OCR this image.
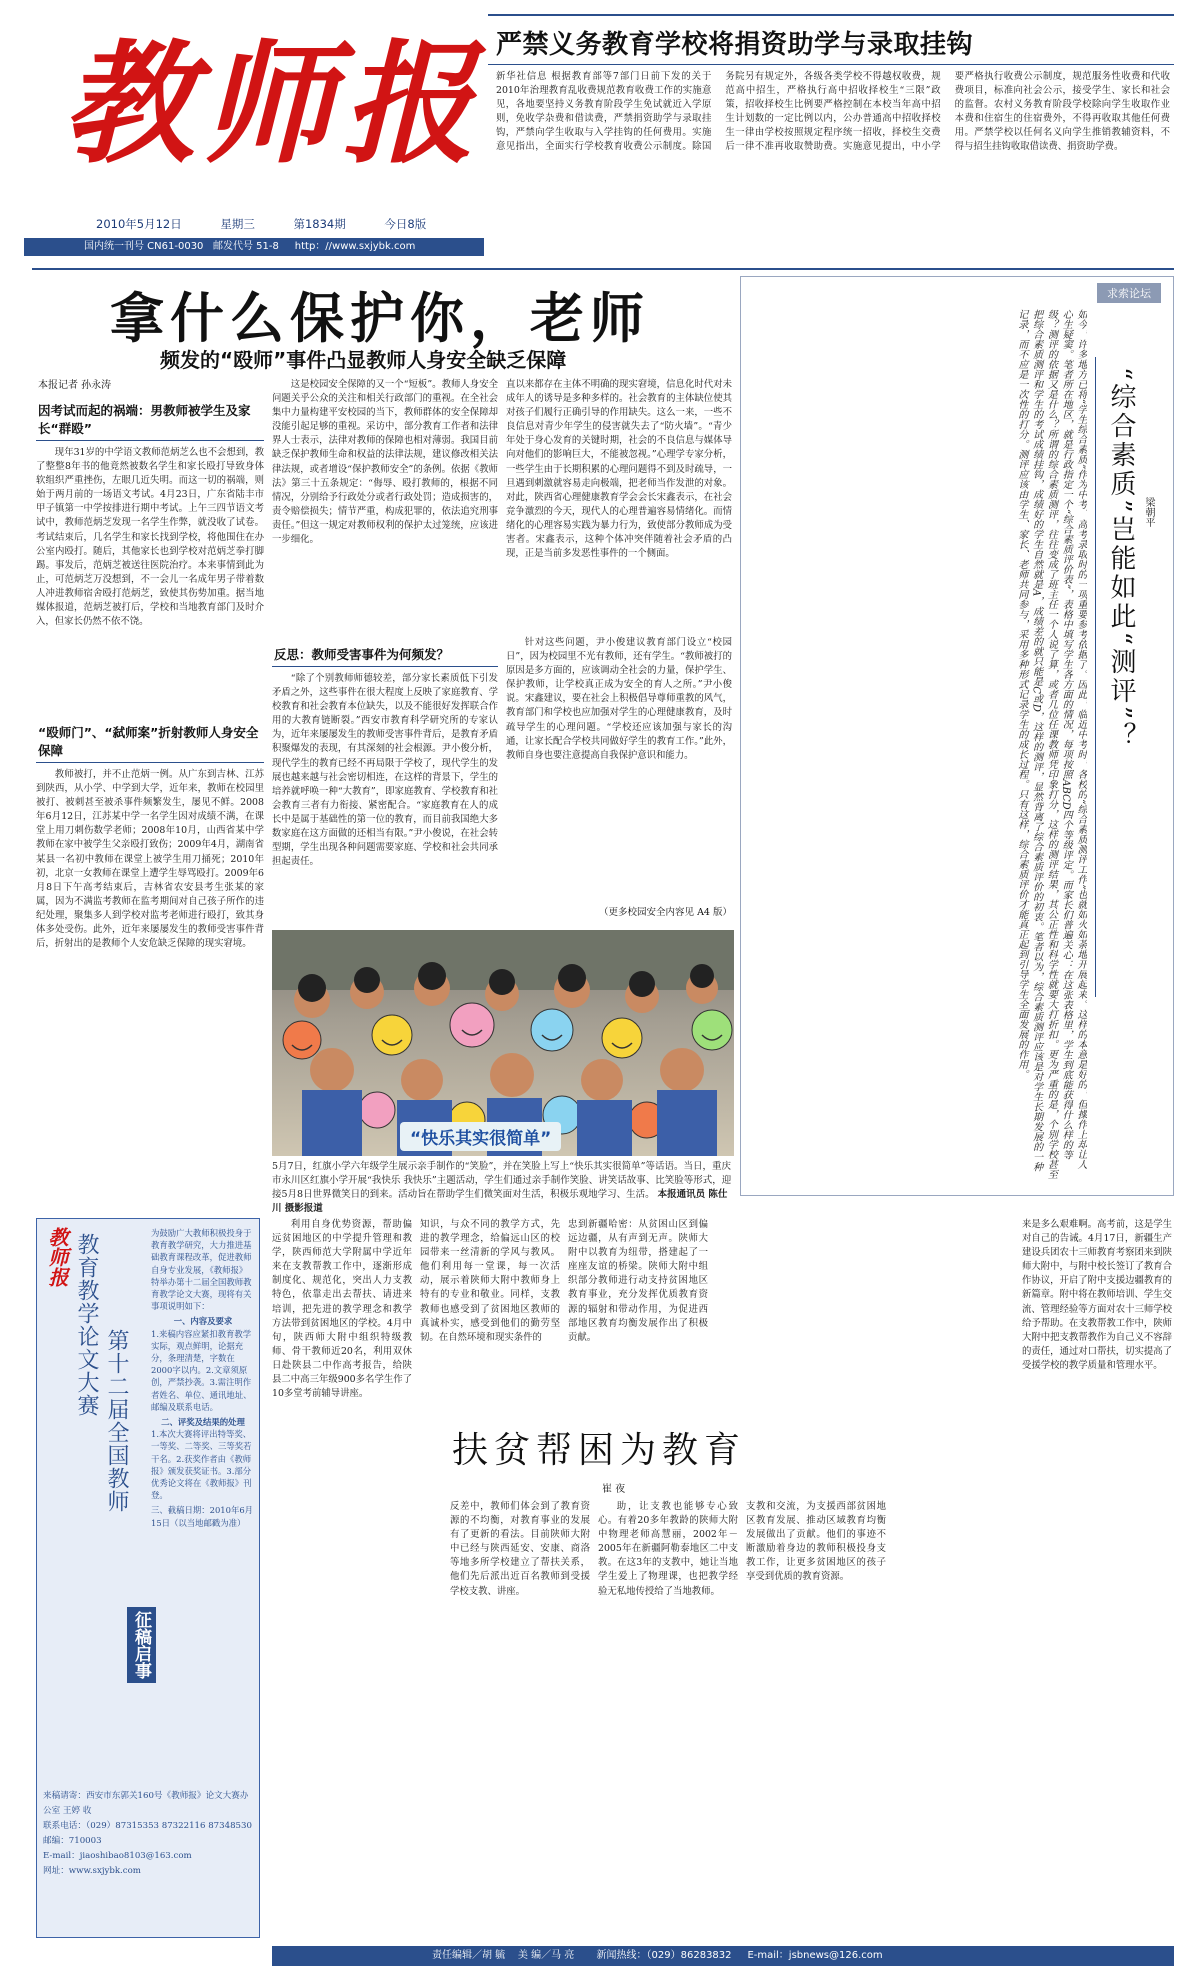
教师报
2010年5月12日	星期三	第1834期	今日8版
国内统一刊号 CN61-0030 邮发代号 51-8 http：//www.sxjybk.com
严禁义务教育学校将捐资助学与录取挂钩
新华社信息 根据教育部等7部门日前下发的关于2010年治理教育乱收费规范教育收费工作的实施意见，各地要坚持义务教育阶段学生免试就近入学原则，免收学杂费和借读费，严禁捐资助学与录取挂钩，严禁向学生收取与入学挂钩的任何费用。实施意见指出，全面实行学校教育收费公示制度。除国务院另有规定外，各级各类学校不得越权收费，规范高中招生，严格执行高中招收择校生“三限”政策，招收择校生比例要严格控制在本校当年高中招生计划数的一定比例以内，公办普通高中招收择校生一律由学校按照规定程序统一招收，择校生交费后一律不准再收取赞助费。实施意见提出，中小学要严格执行收费公示制度，规范服务性收费和代收费项目，标准向社会公示，接受学生、家长和社会的监督。农村义务教育阶段学校除向学生收取作业本费和住宿生的住宿费外，不得再收取其他任何费用。严禁学校以任何名义向学生推销教辅资料，不得与招生挂钩收取借读费、捐资助学费。
拿什么保护你，老师
频发的“殴师”事件凸显教师人身安全缺乏保障
本报记者 孙永涛
因考试而起的祸端：男教师被学生及家长“群殴”
现年31岁的中学语文教师范炳芝么也不会想到，教了整整8年书的他竟然被数名学生和家长殴打导致身体软组织严重挫伤，左眼几近失明。而这一切的祸端，则始于两月前的一场语文考试。4月23日，广东省陆丰市甲子镇第一中学按排进行期中考试。上午三四节语文考试中，教师范炳芝发现一名学生作弊，就没收了试卷。考试结束后，几名学生和家长找到学校，将他围住在办公室内殴打。随后，其他家长也到学校对范炳芝拳打脚踢。事发后，范炳芝被送往医院治疗。本来事情到此为止，可范炳芝万没想到，不一会儿一名成年男子带着数人冲进教师宿舍殴打范炳芝，致使其伤势加重。据当地媒体报道，范炳芝被打后，学校和当地教育部门及时介入，但家长仍然不依不饶。
“殴师门”、“弑师案”折射教师人身安全保障
教师被打，并不止范炳一例。从广东到吉林、江苏到陕西，从小学、中学到大学，近年来，教师在校园里被打、被刺甚至被杀事件频繁发生，屡见不鲜。2008年6月12日，江苏某中学一名学生因对成绩不满，在课堂上用刀刺伤数学老师；2008年10月，山西省某中学教师在家中被学生父亲殴打致伤；2009年4月，湖南省某县一名初中教师在课堂上被学生用刀捅死；2010年初，北京一女教师在课堂上遭学生辱骂殴打。2009年6月8日下午高考结束后，吉林省农安县考生张某的家属，因为不满监考教师在监考期间对自己孩子所作的违纪处理，聚集多人到学校对监考老师进行殴打，致其身体多处受伤。此外，近年来屡屡发生的教师受害事件背后，折射出的是教师个人安危缺乏保障的现实窘境。
这是校园安全保障的又一个“短板”。教师人身安全问题关乎公众的关注和相关行政部门的重视。在全社会集中力量构建平安校园的当下，教师群体的安全保障却没能引起足够的重视。采访中，部分教育工作者和法律界人士表示，法律对教师的保障也相对薄弱。我国目前缺乏保护教师生命和权益的法律法规，建议修改相关法律法规，或者增设“保护教师安全”的条例。依据《教师法》第三十五条规定：“侮辱、殴打教师的，根据不同情况，分别给予行政处分或者行政处罚；造成损害的，责令赔偿损失；情节严重，构成犯罪的，依法追究刑事责任。”但这一规定对教师权利的保护太过笼统，应该进一步细化。
反思：教师受害事件为何频发？
“除了个别教师师德较差，部分家长素质低下引发矛盾之外，这些事件在很大程度上反映了家庭教育、学校教育和社会教育本位缺失，以及不能很好发挥联合作用的大教育链断裂。”西安市教育科学研究所的专家认为，近年来屡屡发生的教师受害事件背后，是教育矛盾积聚爆发的表现，有其深刻的社会根源。尹小俊分析，现代学生的教育已经不再局限于学校了，现代学生的发展也越来越与社会密切相连，在这样的背景下，学生的培养就呼唤一种“大教育”，即家庭教育、学校教育和社会教育三者有力衔接、紧密配合。“家庭教育在人的成长中是属于基础性的第一位的教育，而目前我国绝大多数家庭在这方面做的还相当有限。”尹小俊说，在社会转型期，学生出现各种问题需要家庭、学校和社会共同承担起责任。
直以来都存在主体不明确的现实窘境，信息化时代对未成年人的诱导是多种多样的。社会教育的主体缺位使其对孩子们履行正确引导的作用缺失。这么一来，一些不良信息对青少年学生的侵害就失去了“防火墙”。“青少年处于身心发育的关键时期，社会的不良信息与媒体导向对他们的影响巨大，不能被忽视。”心理学专家分析，一些学生由于长期积累的心理问题得不到及时疏导，一旦遇到刺激就容易走向极端，把老师当作发泄的对象。对此，陕西省心理健康教育学会会长宋鑫表示，在社会竞争激烈的今天，现代人的心理普遍容易情绪化。而情绪化的心理容易实践为暴力行为，致使部分教师成为受害者。宋鑫表示，这种个体冲突伴随着社会矛盾的凸现，正是当前多发恶性事件的一个侧面。
针对这些问题，尹小俊建议教育部门设立“校园日”，因为校园里不光有教师，还有学生。“教师被打的原因是多方面的，应该调动全社会的力量，保护学生、保护教师，让学校真正成为安全的育人之所。”尹小俊说。宋鑫建议，要在社会上积极倡导尊师重教的风气，教育部门和学校也应加强对学生的心理健康教育，及时疏导学生的心理问题。“学校还应该加强与家长的沟通，让家长配合学校共同做好学生的教育工作。”此外，教师自身也要注意提高自我保护意识和能力。
（更多校园安全内容见 A4 版）
“快乐其实很简单”
5月7日，红旗小学六年级学生展示亲手制作的“笑脸”，并在笑脸上写上“快乐其实很简单”等话语。当日，重庆市永川区红旗小学开展“我快乐 我快乐”主题活动，学生们通过亲手制作笑脸、讲笑话故事、比笑脸等形式，迎接5月8日世界微笑日的到来。活动旨在帮助学生们微笑面对生活，积极乐观地学习、生活。 本报通讯员 陈仕川 摄影报道
求索论坛
如今，许多地方已将“学生综合素质”作为中考、高考录取时的一项重要参考依据了。因此，临近中考时，各校的“综合素质测评工作”也就如火如荼地开展起来。这样的本意是好的，但操作上却让人心生疑窦。笔者所在地区，就是行政指定一个“综合素质评价表”，表格中填写学生各方面的情况，每项按照ABCD四个等级评定。而家长们普遍关心：在这张表格里，学生到底能获得什么样的等级？测评的依据又是什么？所谓的综合素质测评，往往变成了班主任一个人说了算，或者几位任课教师凭印象打分，这样的测评结果，其公正性和科学性就要大打折扣。更为严重的是，个别学校甚至把综合素质测评和学生的考试成绩挂钩，成绩好的学生自然就是A，成绩差的就只能是C或D，这样的测评，显然背离了综合素质评价的初衷。笔者以为，综合素质测评应该是对学生长期发展的一种记录，而不应是一次性的打分。测评应该由学生、家长、老师共同参与，采用多种形式记录学生的成长过程。只有这样，综合素质评价才能真正起到引导学生全面发展的作用。	“综合素质”岂能如此“测评”？ 梁朝平
教师报 教育教学论文大赛
第十二届全国教师
征稿启事
为鼓励广大教师积极投身于教育教学研究，大力推进基础教育课程改革，促进教师自身专业发展，《教师报》特举办第十二届全国教师教育教学论文大赛，现将有关事项说明如下：
一、内容及要求
1.来稿内容应紧扣教育教学实际，观点鲜明，论据充分，条理清楚，字数在2000字以内。2.文章须原创，严禁抄袭。3.需注明作者姓名、单位、通讯地址、邮编及联系电话。
二、评奖及结果的处理
1.本次大赛将评出特等奖、一等奖、二等奖、三等奖若干名。2.获奖作者由《教师报》颁发获奖证书。3.部分优秀论文将在《教师报》刊登。
三、截稿日期：2010年6月15日（以当地邮戳为准）
来稿请寄：西安市东郭关160号《教师报》论文大赛办公室 王婷 收
联系电话：（029）87315353 87322116 87348530
邮编：710003
E-mail：jiaoshibao8103@163.com
网址：www.sxjybk.com
利用自身优势资源，帮助偏远贫困地区的中学提升管理和教学，陕西师范大学附属中学近年来在支教帮教工作中，逐渐形成制度化、规范化，突出人力支教特色，依靠走出去帮扶、请进来培训，把先进的教学理念和教学方法带到贫困地区的学校。4月中旬，陕西师大附中组织特级教师、骨干教师近20名，利用双休日赴陕县二中作高考报告，给陕县二中高三年级900多名学生作了10多堂考前辅导讲座。
知识，与众不同的教学方式，先进的教学理念，给偏远山区的校园带来一丝清新的学风与教风。他们利用每一堂课，每一次活动，展示着陕师大附中教师身上特有的专业和敬业。同样，支教教师也感受到了贫困地区教师的真诚朴实，感受到他们的勤劳坚韧。在自然环境和现实条件的
忠到新疆哈密：从贫困山区到偏远边疆，从有声到无声。陕师大附中以教育为纽带，搭建起了一座座友谊的桥梁。陕师大附中组织部分教师进行动支持贫困地区教育事业，充分发挥优质教育资源的辐射和带动作用，为促进西部地区教育均衡发展作出了积极贡献。
扶贫帮困为教育
崔 夜
反差中，教师们体会到了教育资源的不均衡，对教育事业的发展有了更新的看法。目前陕师大附中已经与陕西延安、安康、商洛等地多所学校建立了帮扶关系，他们先后派出近百名教师到受援学校支教、讲座。
助，让支教也能够专心致心。有着20多年教龄的陕师大附中物理老师高慧丽，2002年－2005年在新疆阿勒泰地区二中支教。在这3年的支教中，她让当地学生爱上了物理课，也把教学经验无私地传授给了当地教师。
支教和交流，为支援西部贫困地区教育发展、推动区域教育均衡发展做出了贡献。他们的事迹不断激励着身边的教师积极投身支教工作，让更多贫困地区的孩子享受到优质的教育资源。
来是多么艰难啊。高考前，这是学生对自己的告诫。4月17日，新疆生产建设兵团农十三师教育考察团来到陕师大附中，与附中校长签订了教育合作协议，开启了附中支援边疆教育的新篇章。附中将在教师培训、学生交流、管理经验等方面对农十三师学校给予帮助。在支教帮教工作中，陕师大附中把支教帮教作为自己义不容辞的责任，通过对口帮扶，切实提高了受援学校的教学质量和管理水平。
责任编辑／胡 毓 美 编／马 亮 新闻热线：（029）86283832 E-mail：jsbnews@126.com
